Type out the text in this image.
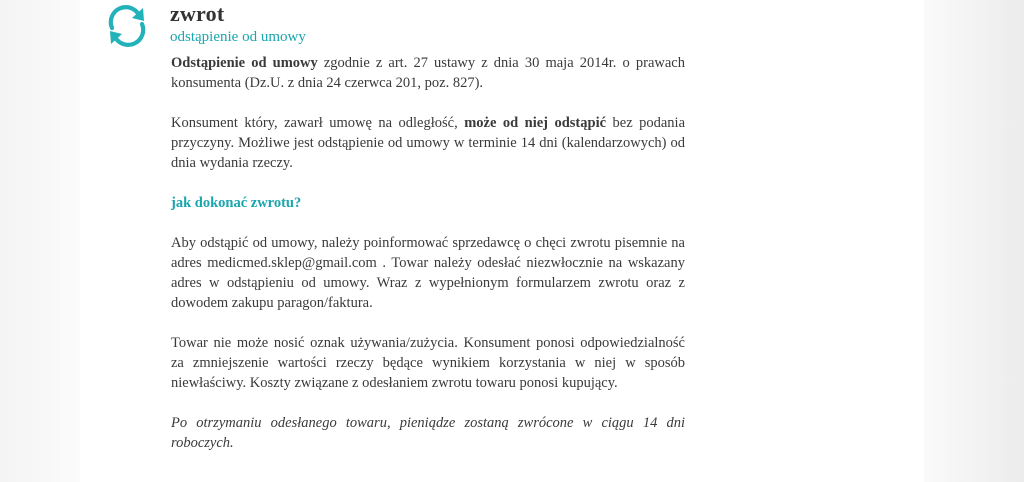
zwrot
odstąpienie od umowy

Odstąpienie od umowy zgodnie z art. 27 ustawy z dnia 30 maja 2014r. o prawach konsumenta (Dz.U. z dnia 24 czerwca 201, poz. 827).

Konsument który, zawarł umowę na odległość, może od niej odstąpić bez podania przyczyny. Możliwe jest odstąpienie od umowy w terminie 14 dni (kalendarzowych) od dnia wydania rzeczy.

jak dokonać zwrotu?

Aby odstąpić od umowy, należy poinformować sprzedawcę o chęci zwrotu pisemnie na adres medicmed.sklep@gmail.com . Towar należy odesłać niezwłocznie na wskazany adres w odstąpieniu od umowy. Wraz z wypełnionym formularzem zwrotu oraz z dowodem zakupu paragon/faktura.

Towar nie może nosić oznak używania/zużycia. Konsument ponosi odpowiedzialność za zmniejszenie wartości rzeczy będące wynikiem korzystania w niej w sposób niewłaściwy. Koszty związane z odesłaniem zwrotu towaru ponosi kupujący.

Po otrzymaniu odesłanego towaru, pieniądze zostaną zwrócone w ciągu 14 dni roboczych.
